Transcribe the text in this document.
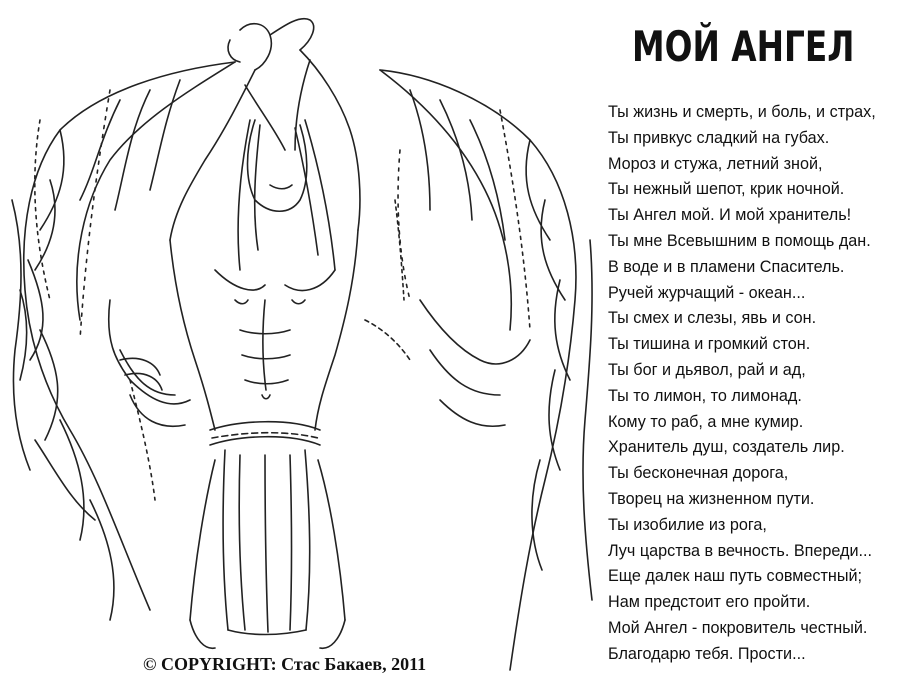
МОЙ АНГЕЛ
Ты жизнь и смерть, и боль, и страх,
Ты привкус сладкий на губах.
Мороз и стужа, летний зной,
Ты нежный шепот, крик ночной.
Ты Ангел мой. И мой хранитель!
Ты мне Всевышним в помощь дан.
В воде и в пламени Спаситель.
Ручей журчащий - океан...
Ты смех и слезы, явь и сон.
Ты тишина и громкий стон.
Ты бог и дьявол, рай и ад,
Ты то лимон, то лимонад.
Кому то раб, а мне кумир.
Хранитель душ, создатель лир.
Ты бесконечная дорога,
Творец на жизненном пути.
Ты изобилие из рога,
Луч царства в вечность. Впереди...
Еще далек наш путь совместный;
Нам предстоит его пройти.
Мой Ангел - покровитель честный.
Благодарю тебя. Прости...
© COPYRIGHT: Стас Бакаев, 2011
